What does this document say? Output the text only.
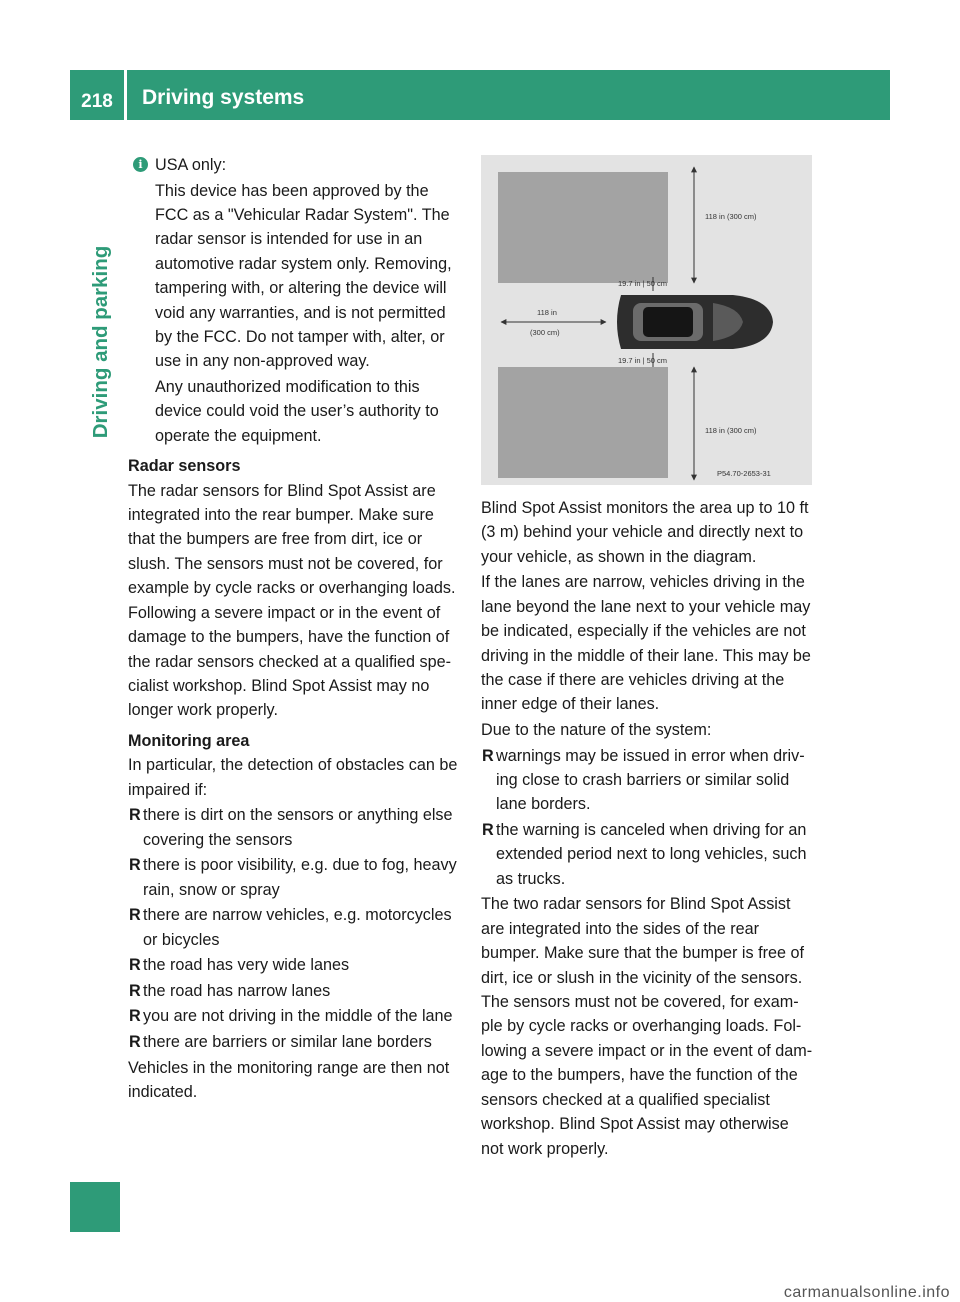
218	Driving systems
Driving and parking
i USA only:

This device has been approved by the FCC as a "Vehicular Radar System". The radar sensor is intended for use in an automotive radar system only. Removing, tampering with, or altering the device will void any warranties, and is not permitted by the FCC. Do not tamper with, alter, or use in any non-approved way.

Any unauthorized modification to this device could void the user’s authority to operate the equipment.

Radar sensors

The radar sensors for Blind Spot Assist are integrated into the rear bumper. Make sure that the bumpers are free from dirt, ice or slush. The sensors must not be covered, for example by cycle racks or overhanging loads. Following a severe impact or in the event of damage to the bumpers, have the function of the radar sensors checked at a qualified spe-cialist workshop. Blind Spot Assist may no longer work properly.

Monitoring area

In particular, the detection of obstacles can be impaired if:

R there is dirt on the sensors or anything else covering the sensors
R there is poor visibility, e.g. due to fog, heavy rain, snow or spray
R there are narrow vehicles, e.g. motorcycles or bicycles
R the road has very wide lanes
R the road has narrow lanes
R you are not driving in the middle of the lane
R there are barriers or similar lane borders

Vehicles in the monitoring range are then not indicated.

118 in (300 cm)
118 in (300 cm)
118 in
(300 cm)
19.7 in | 50 cm
19.7 in | 50 cm
P54.70-2653-31

Blind Spot Assist monitors the area up to 10 ft (3 m) behind your vehicle and directly next to your vehicle, as shown in the diagram.

If the lanes are narrow, vehicles driving in the lane beyond the lane next to your vehicle may be indicated, especially if the vehicles are not driving in the middle of their lane. This may be the case if there are vehicles driving at the inner edge of their lanes.

Due to the nature of the system:

R warnings may be issued in error when driv-ing close to crash barriers or similar solid lane borders.
R the warning is canceled when driving for an extended period next to long vehicles, such as trucks.

The two radar sensors for Blind Spot Assist are integrated into the sides of the rear bumper. Make sure that the bumper is free of dirt, ice or slush in the vicinity of the sensors. The sensors must not be covered, for exam-ple by cycle racks or overhanging loads. Fol-lowing a severe impact or in the event of dam-age to the bumpers, have the function of the sensors checked at a qualified specialist workshop. Blind Spot Assist may otherwise not work properly.

carmanualsonline.info
